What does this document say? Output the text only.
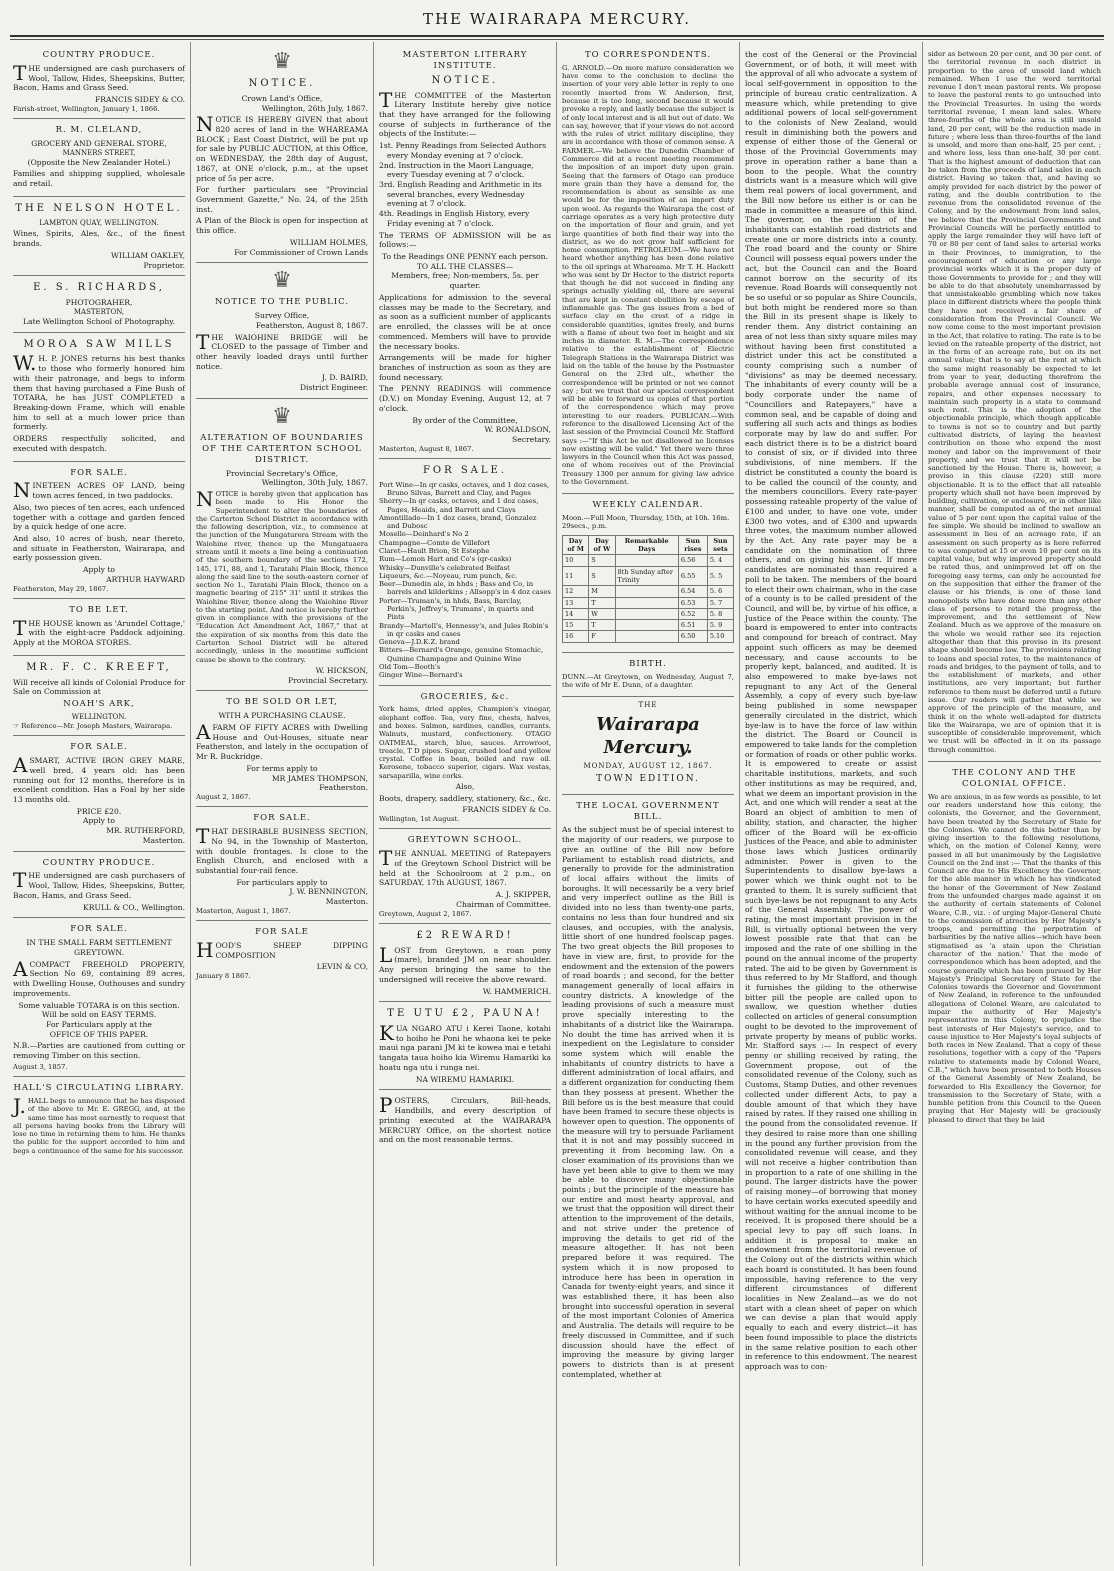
THE WAIRARAPA MERCURY.
COUNTRY PRODUCE.

THE undersigned are cash purchasers of Wool, Tallow, Hides, Sheepskins, Butter, Bacon, Hams and Grass Seed.

FRANCIS SIDEY & CO.
Farish-street, Wellington, January 1, 1866.
R. M. CLELAND,
GROCERY AND GENERAL STORE,
MANNERS STREET,
(Opposite the New Zealander Hotel.)

Families and shipping supplied, wholesale and retail.

THE NELSON HOTEL.
LAMBTON QUAY, WELLINGTON.

Wines, Spirits, Ales, &c., of the finest brands.

WILLIAM OAKLEY,
Proprietor.
E. S. RICHARDS,
PHOTOGRAHER,
MASTERTON,
Late Wellington School of Photography.
MOROA SAW MILLS

W.H. P. JONES returns his best thanks to those who formerly honored him with their patronage, and begs to inform them that having purchased a Fine Bush of TOTARA, he has JUST COMPLETED a Breaking-down Frame, which will enable him to sell at a much lower price than formerly.

ORDERS respectfully solicited, and executed with despatch.

FOR SALE.

NINETEEN ACRES OF LAND, being town acres fenced, in two paddocks.

Also, two pieces of ten acres, each unfenced together with a cottage and garden fenced by a quick hedge of one acre.

And also, 10 acres of bush, near thereto, and situate in Featherston, Wairarapa, and early possession given.

Apply to
ARTHUR HAYWARD
Featherston, May 29, 1867.
TO BE LET.

THE HOUSE known as 'Arundel Cottage,' with the eight-acre Paddock adjoining. Apply at the MOROA STORES.

MR. F. C. KREEFT,

Will receive all kinds of Colonial Produce for Sale on Commission at

NOAH'S ARK,
WELLINGTON.
☞ Reference—Mr. Joseph Masters, Wairarapa.
FOR SALE.

ASMART, ACTIVE IRON GREY MARE, well bred, 4 years old: has been running out for 12 months, therefore is in excellent condition. Has a Foal by her side 13 months old.

PRICE £20.
Apply to
MR. RUTHERFORD,
Masterton.
COUNTRY PRODUCE.

THE undersigned are cash purchasers of Wool, Tallow, Hides, Sheepskins, Butter, Bacon, Hams, and Grass Seed.

KRULL & CO., Wellington.
FOR SALE.
IN THE SMALL FARM SETTLEMENT
GREYTOWN.

ACOMPACT FREEHOLD PROPERTY, Section No 69, containing 89 acres, with Dwelling House, Outhouses and sundry improvements.

Some valuable TOTARA is on this section.
Will be sold on EASY TERMS.
For Particulars apply at the
OFFICE OF THIS PAPER.

N.B.—Parties are cautioned from cutting or removing Timber on this section.

August 3, 1857.
HALL'S CIRCULATING LIBRARY.

J.HALL begs to announce that he has disposed of the above to Mr. E. GREGG, and, at the same time has most earnestly to request that all persons having books from the Library will lose no time in returning them to him. He thanks the public for the support accorded to him and begs a continuance of the same for his successor.

♛
NOTICE.
Crown Land's Office,
Wellington, 26th July, 1867.

NOTICE IS HEREBY GIVEN that about 820 acres of land in the WHAREAMA BLOCK ; East Coast District, will be put up for sale by PUBLIC AUCTION, at this Office, on WEDNESDAY, the 28th day of August, 1867, at ONE o'clock, p.m., at the upset price of 5s per acre.

For further particulars see "Provincial Government Gazette," No. 24, of the 25th inst.

A Plan of the Block is open for inspection at this office.

WILLIAM HOLMES,
For Commissioner of Crown Lands
♛
NOTICE TO THE PUBLIC.
Survey Office,
Featherston, August 8, 1867.

THE WAIOHINE BRIDGE will be CLOSED to the passage of Timber and other heavily loaded drays until further notice.

J. D. BAIRD,
District Engineer.
♛
ALTERATION OF BOUNDARIES OF THE CARTERTON SCHOOL DISTRICT.
Provincial Secretary's Office,
Wellington, 30th July, 1867.

NOTICE is hereby given that application has been made to His Honor the Superintendent to alter the boundaries of the Carterton School District in accordance with the following description, viz., to commence at the junction of the Mungaturera Stream with the Waiohine river, thence up the Mungatuaera stream until it meets a line being a continuation of the southern boundary of the sections 172, 145, 171, 88, and 1, Taratahi Plain Block, thence along the said line to the south-eastern corner of section No 1., Taratahi Plain Block, thence on a magnetic bearing of 215° 31' until it strikes the Waiohine River, thence along the Waiohine River to the starting point. And notice is hereby further given in compliance with the provisions of the "Education Act Amendment Act, 1867," that at the expiration of six months from this date the Carterton School District will be altered accordingly, unless in the meantime sufficient cause be shown to the contrary.

W. HICKSON,
Provincial Secretary.
TO BE SOLD OR LET,
WITH A PURCHASING CLAUSE.

AFARM OF FIFTY ACRES with Dwelling House and Out-Houses, situate near Featherston, and lately in the occupation of Mr R. Buckridge.

For terms apply to
MR JAMES THOMPSON,
Featherston.
August 2, 1867.
FOR SALE.

THAT DESIRABLE BUSINESS SECTION, No 94, in the Township of Masterton, with double frontages. Is close to the English Church, and enclosed with a substantial four-rail fence.

For particulars apply to
J. W. BENNINGTON,
Masterton.
Masterton, August 1, 1867.
FOR SALE

HOOD'S SHEEP DIPPING COMPOSITION

LEVIN & CO,
January 8 1867.
MASTERTON LITERARY INSTITUTE.
NOTICE.

THE COMMITTEE of the Masterton Literary Institute hereby give notice that they have arranged for the following course of subjects in furtherance of the objects of the Institute:—

1st. Penny Readings from Selected Authors every Monday evening at 7 o'clock.
2nd. Instruction in the Maori Language, every Tuesday evening at 7 o'clock.
3rd. English Reading and Arithmetic in its several branches, every Wednesday evening at 7 o'clock.
4th. Readings in English History, every Friday evening at 7 o'clock.

The TERMS OF ADMISSION will be as follows:—

To the Readings ONE PENNY each person.
TO ALL THE CLASSES—
Members, free; Non-members, 5s. per quarter.

Applications for admission to the several classes may be made to the Secretary, and as soon as a sufficient number of applicants are enrolled, the classes will be at once commenced. Members will have to provide the necessary books.

Arrangements will be made for higher branches of instruction as soon as they are found necessary.

The PENNY READINGS will commence (D.V.) on Monday Evening, August 12, at 7 o'clock.

By order of the Committee,
W. RONALDSON,
Secretary.
Masterton, August 8, 1867.
FOR SALE.
Port Wine—In qr casks, octaves, and 1 doz cases, Bruno Silvas, Barrett and Clay, and Pages
Sherry—In qr casks, octaves, and 1 doz cases, Pages, Heaids, and Barrett and Clays
Amontillado—In 1 doz cases, brand, Gonzalez and Dubosc
Moselle—Deinhard's No 2
Champagne—Comte de Villefort
Claret—Hault Brion, St Estephe
Rum—Lemon Hart and Co's (qr-casks)
Whisky—Dunville's celebrated Belfast
Liqueurs, &c.—Noyeau, rum punch, &c.
Beer—Dunedin ale, in hhds ; Bass and Co, in barrels and kilderkins ; Allsopp's in 4 doz cases
Porter—Truman's, in hhds, Bass, Barclay, Perkin's, Jeffrey's, Trumans', in quarts and Pints
Brandy—Martell's, Hennessy's, and Jules Robin's in qr casks and cases
Geneva—J.D.K.Z. brand
Bitters—Bernard's Orange, genuine Stomachic, Quinine Champagne and Quinine Wine
Old Tom—Booth's
Ginger Wine—Bernard's
GROCERIES, &c.

York hams, dried apples, Champion's vinegar, elephant coffee. Tea, very fine, chests, halves, and boxes. Salmon, sardines, candles, currants. Walnuts, mustard, confectionery. OTAGO OATMEAL, starch, blue, sauces. Arrowroot, treacle, T D pipes. Sugar, crushed loaf and yellow crystal. Coffee in bean, boiled and raw oil. Kerosene, tobacco superior, cigars. Wax vestas, sarsaparilla, wine corks.

Also,

Boots, drapery, saddlery, stationery, &c., &c.

FRANCIS SIDEY & Co.
Wellington, 1st August.
GREYTOWN SCHOOL.

THE ANNUAL MEETING of Ratepayers of the Greytown School District will be held at the Schoolroom at 2 p.m., on SATURDAY, 17th AUGUST, 1867.

A. J. SKIPPER,
Chairman of Committee.
Greytown, August 2, 1867.
£2 REWARD!

LOST from Greytown, a roan pony (mare), branded JM on near shoulder. Any person bringing the same to the undersigned will receive the above reward.

W. HAMMERICH.
TE UTU £2, PAUNA!

KUA NGARO ATU i Kerei Taone, kotahi to hoiho he Poni he whaona kei te peke maui nga parani JM ki te kowea mai e tetahi tangata taua hoiho kia Wiremu Hamariki ka hoatu nga utu i runga nei.

NA WIREMU HAMARIKI.

POSTERS, Circulars, Bill-heads, Handbills, and every description of printing executed at the WAIRARAPA MERCURY Office, on the shortest notice and on the most reasonable terms.

TO CORRESPONDENTS.

G. ARNOLD.—On more mature consideration we have come to the conclusion to decline the insertion of your very able letter in reply to one recently inserted from W. Anderson, first, because it is too long, second because it would provoke a reply, and lastly because the subject is of only local interest and is all but out of date. We can say, however, that if your views do not accord with the rules of strict military discipline, they are in accordance with those of common sense. A FARMER.—We believe the Dunedin Chamber of Commerce did at a recent meeting recommend the imposition of an import duty upon grain. Seeing that the farmers of Otago can produce more grain than they have a demand for, the recommendation is about as sensible as one would be for the imposition of an import duty upon wool. As regards the Wairarapa the cost of carriage operates as a very high protective duty on the importation of flour and grain, and yet large quantities of both find their way into the district, as we do not grow half sufficient for home consumption. PETROLEUM.—We have not heard whether anything has been done relative to the oil springs at Whareama. Mr T. H. Hackett who was sent by Dr Hector to the district reports that though he did not succeed in finding any springs actually yielding oil, there are several that are kept in constant ebullition by escape of inflammable gas. The gas issues from a bed of surface clay on the crest of a ridge in considerable quantities, ignites freely, and burns with a flame of about two feet in height and six inches in diameter. R. M.—The correspondence relative to the establishment of Electric Telegraph Stations in the Wairarapa District was laid on the table of the house by the Postmaster General on the 23rd ult., whether the correspondence will be printed or not we cannot say ; but we trust that our special correspondent will be able to forward us copies of that portion of the correspondence which may prove interesting to our readers. PUBLICAN.—With reference to the disallowed Licensing Act of the last session of the Provincial Council Mr. Stafford says :—"If this Act be not disallowed no licenses now existing will be valid." Yet there were three lawyers in the Council when this Act was passed, one of whom receives out of the Provincial Treasury 1300 per annum for giving law advice to the Government.

WEEKLY CALENDAR.
Moon.—Full Moon, Thursday, 15th, at 10h. 16m. 29secs., p.m.
Day of M	Day of W	Remarkable Days	Sun rises	Sun sets
10	S		6.56	5. 4
11	S	8th Sunday after Trinity	6.55	5. 5
12	M		6.54	5. 6
13	T		6.53	5. 7
14	W		6.52	5. 8
15	T		6.51	5. 9
16	F		6.50	5.10
BIRTH.

DUNN.—At Greytown, on Wednesday, August 7, the wife of Mr E. Dunn, of a daughter.

THE
Wairarapa Mercury.
MONDAY, AUGUST 12, 1867.
TOWN EDITION.
THE LOCAL GOVERNMENT BILL.

As the subject must be of special interest to the majority of our readers, we purpose to give an outline of the Bill now before Parliament to establish road districts, and generally to provide for the administration of local affairs without the limits of boroughs. It will necessarily be a very brief and very imperfect outline as the Bill is divided into no less than twenty-one parts, contains no less than four hundred and six clauses, and occupies, with the analysis, little short of one hundred foolscap pages. The two great objects the Bill proposes to have in view are, first, to provide for the endowment and the extension of the powers of road boards ; and second, for the better management generally of local affairs in country districts. A knowledge of the leading provisions of such a measure must prove specially interesting to the inhabitants of a district like the Wairarapa. No doubt the time has arrived when it is inexpedient on the Legislature to consider some system which will enable the inhabitants of country districts to have a different administration of local affairs, and a different organization for conducting them than they possess at present. Whether the Bill before us is the best measure that could have been framed to secure these objects is however open to question. The opponents of the measure will try to persuade Parliament that it is not and may possibly succeed in preventing it from becoming law. On a closer examination of its provisions than we have yet been able to give to them we may be able to discover many objectionable points ; but the principle of the measure has our entire and most hearty approval, and we trust that the opposition will direct their attention to the improvement of the details, and not strive under the pretence of improving the details to get rid of the measure altogether. It has not been prepared before it was required. The system which it is now proposed to introduce here has been in operation in Canada for twenty-eight years, and since it was established there, it has been also brought into successful operation in several of the most important Colonies of America and Australia. The details will require to be freely discussed in Committee, and if such discussion should have the effect of improving the measure by giving larger powers to districts than is at present contemplated, whether at

the cost of the General or the Provincial Government, or of both, it will meet with the approval of all who advocate a system of local self-government in opposition to the principle of bureau cratic centralization. A measure which, while pretending to give additional powers of local self-government to the colonists of New Zealand, would result in diminishing both the powers and expense of either those of the General or those of the Provincial Governments may prove in operation rather a bane than a boon to the people. What the country districts want is a measure which will give them real powers of local government, and the Bill now before us either is or can be made in committee a measure of this kind. The governor, on the petition of the inhabitants can establish road districts and create one or more districts into a county. The road board and the county or Shire Council will possess equal powers under the act, but the Council can and the Board cannot borrow on the security of its revenue. Road Boards will consequently not be so useful or so popular as Shire Councils, but both might be rendered more so than the Bill in its present shape is likely to render them. Any district containing an area of not less than sixty square miles may without having been first constituted a district under this act be constituted a county comprising such a number of "divisions" as may be deemed necessary. The inhabitants of every county will be a body corporate under the name of "Councillors and Ratepayers," have a common seal, and be capable of doing and suffering all such acts and things as bodies corporate may by law do and suffer. For each district there is to be a district board to consist of six, or if divided into three subdivisions, of nine members. If the district be constituted a county the board is to be called the council of the county, and the members councillors. Every rate-payer possessing rateable property of the value of £100 and under, to have one vote, under £300 two votes, and of £300 and upwards three votes, the maximum number allowed by the Act. Any rate payer may be a candidate on the nomination of three others, and on giving his assent. If more candidates are nominated than required a poll to be taken. The members of the board to elect their own chairman, who in the case of a county is to be called president of the Council, and will be, by virtue of his office, a Justice of the Peace within the county. The board is empowered to enter into contracts and compound for breach of contract. May appoint such officers as may be deemed necessary, and cause accounts to be properly kept, balanced, and audited. It is also empowered to make bye-laws not repugnant to any Act of the General Assembly, a copy of every such bye-law being published in some newspaper generally circulated in the district, which bye-law is to have the force of law within the district. The Board or Council is empowered to take lands for the completion or formation of roads or other public works. It is empowered to create or assist charitable institutions, markets, and such other institutions as may be required, and, what we deem an important provision in the Act, and one which will render a seat at the Board an object of ambition to men of ability, station, and character, the higher officer of the Board will be ex-officio Justices of the Peace, and able to administer those laws which Justices ordinarily administer. Power is given to the Superintendents to disallow bye-laws a power which we think ought not to be granted to them. It is surely sufficient that such bye-laws be not repugnant to any Acts of the General Assembly. The power of rating, the most important provision in the Bill, is virtually optional between the very lowest possible rate that that can be imposed and the rate of one shilling in the pound on the annual income of the property rated. The aid to be given by Government is thus referred to by Mr Stafford, and though it furnishes the gilding to the otherwise bitter pill the people are called upon to swallow, we question whether duties collected on articles of general consumption ought to be devoted to the improvement of private property by means of public works. Mr. Stafford says :— In respect of every penny or shilling received by rating, the Government propose, out of the consolidated revenue of the Colony, such as Customs, Stamp Duties, and other revenues collected under different Acts, to pay a double amount of that which they have raised by rates. If they raised one shilling in the pound from the consolidated revenue. If they desired to raise more than one shilling in the pound any further provision from the consolidated revenue will cease, and they will not receive a higher contribution than in proportion to a rate of one shilling in the pound. The larger districts have the power of raising money—of borrowing that money to have certain works executed speedily and without waiting for the annual income to be received. It is proposed there should be a special levy to pay off such loans. In addition it is proposal to make an endowment from the territorial revenue of the Colony out of the districts within which each board is constituted. It has been found impossible, having reference to the very different circumstances of different localities in New Zealand—as we do not start with a clean sheet of paper on which we can devise a plan that would apply equally to each and every district—it has been found impossible to place the districts in the same relative position to each other in reference to this endowment. The nearest approach was to con-

sider as between 20 per cent, and 30 per cent. of the territorial revenue in each district in proportion to the area of unsold land which remained. When I use the word territorial revenue I don't mean pastoral rents. We propose to leave the pastoral rents to go untouched into the Provincial Treasuries. In using the words territorial revenue, I mean land sales. Where three-fourths of the whole area is still unsold land, 20 per cent, will be the reduction made in future ; where less than three-fourths of the land is unsold, and more than one-half, 25 per cent. ; and where less, less than one-half, 30 per cent. That is the highest amount of deduction that can be taken from the proceeds of land sales in each district. Having so taken that, and having so amply provided for each district by the power of rating, and the double contribution to the revenue from the consolidated revenue of the Colony, and by the endowment from land sales, we believe that the Provincial Governments and Provincial Councils will be perfectly entitled to apply the large remainder they will have left of 70 or 80 per cent of land sales to arterial works in their Provinces, to immigration, to the encouragement of education or any large provincial works which it is the proper duty of those Governments to provide for ; and they will be able to do that absolutely unembarrassed by that unmistakeable grumbling which now takes place in different districts where the people think they have not received a fair share of consideration from the Provincial Council. We now come come to the most important provision in the Act, that relative to rating. The rate is to be levied on the rateable property of the district, not in the form of an acreage rate, but on its net annual value; that is to say at the rent at which the same might reasonably be expected to let from year to year, deducting therefrom the probable average annual cost of insurance, repairs, and other expenses necessary to maintain such property in a state to command such rent. This is the adoption of the objectionable principle, which though applicable to towns is not so to country and but partly cultivated districts, of laying the heaviest contribution on those who expend the most money and labor on the improvement of their property, and we trust that it will not be sanctioned by the House. There is, however, a proviso in this clause (220) still more objectionable. It is to the effect that all rateable property which shall not have been improved by building, cultivation, or enclosure, or in other like manner, shall be computed as of the net annual value of 5 per cent upon the capital value of the fee simple. We should be inclined to swallow an assessment in lieu of an acreage rate, if an assessment on such property as is here referred to was computed at 15 or even 10 per cent on its capital value, but why improved property should be rated thus, and unimproved let off on the foregoing easy terms, can only be accounted for on the supposition that either the framer of the clause or his friends, is one of those land monopolists who have done more than any other class of persons to retard the progress, the improvement, and the settlement of New Zealand. Much as we approve of the measure on the whole we would rather see its rejection altogether than that this proviso in its present shape should become law. The provisions relating to loans and special rates, to the maintenance of roads and bridges, to the payment of tolls, and to the establishment of markets, and other institutions, are very important; but further reference to them must be deferred until a future issue. Our readers will gather that while we approve of the principle of the measure, and think it on the whole well-adapted for districts like the Wairarapa, we are of opinion that it is susceptible of considerable improvement, which we trust will be effected in it on its passage through committee.

THE COLONY AND THE COLONIAL OFFICE.

We are anxious, in as few words as possible, to let our readers understand how this colony, the colonists, the Governor, and the Government, have been treated by the Secretary of State for the Colonies. We cannot do this better than by giving insertion to the following resolutions, which, on the motion of Colonel Kenny, were passed in all but unanimously by the Legislative Council on the 2nd inst :— That the thanks of this Council are due to His Excellency the Governor, for the able manner in which he has vindicated the honor of the Government of New Zealand from the unfounded charges made against it on the authority of certain statements of Colonel Weare, C.B., viz. : of urging Major-General Chute to the commission of atrocities by Her Majesty's troops, and permitting the perpetration of barbarities by the native allies—which have been stigmatised as 'a stain upon the Christian character of the nation.' That the mode of correspondence which has been adopted, and the course generally which has been pursued by Her Majesty's Principal Secretary of State for the Colonies towards the Governor and Government of New Zealand, in reference to the unfounded allegations of Colonel Weare, are calculated to impair the authority of Her Majesty's representative in this Colony, to prejudice the best interests of Her Majesty's service, and to cause injustice to Her Majesty's loyal subjects of both races in New Zealand. That a copy of these resolutions, together with a copy of the "Papers relative to statements made by Colonel Weare, C.B.," which have been presented to both Houses of the General Assembly of New Zealand, be forwarded to His Excellency the Governor, for transmission to the Secretary of State, with a humble petition from this Council to the Queen praying that Her Majesty will be graciously pleased to direct that they be laid
